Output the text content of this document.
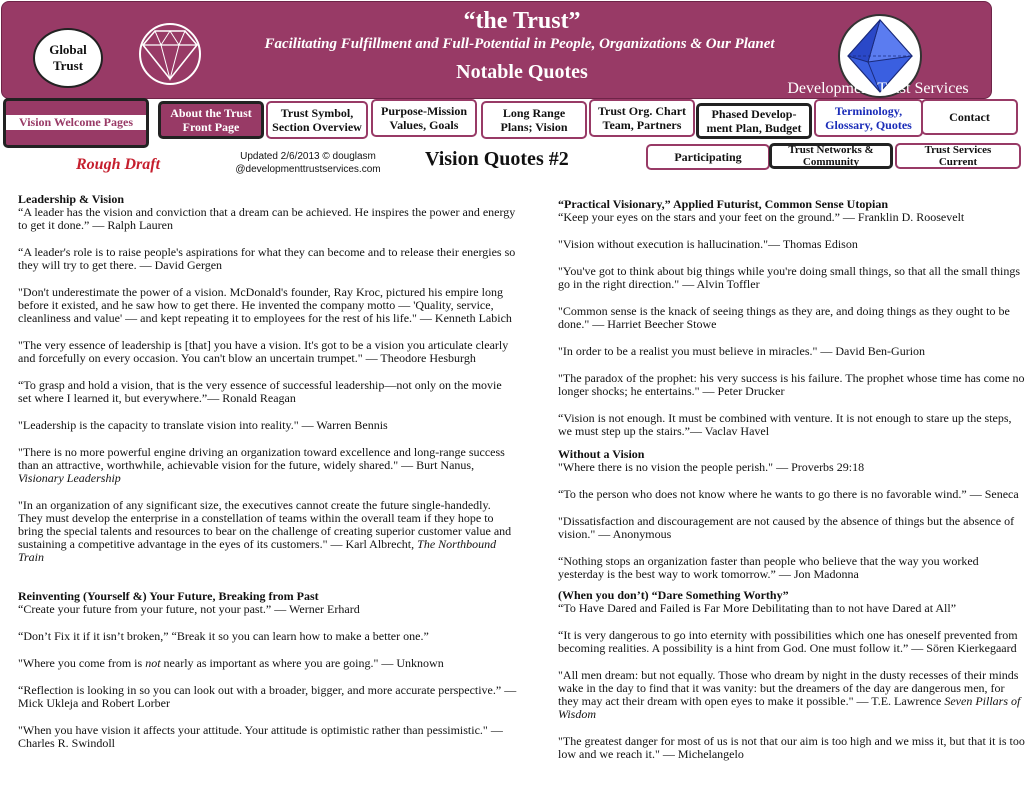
Global
Trust
“the Trust”
Facilitating Fulfillment and Full-Potential in People, Organizations & Our Planet
Notable Quotes
Development Trust Services

Vision Welcome Pages

About the Trust
Front Page
Trust Symbol,
Section Overview
Purpose-Mission
Values, Goals
Long Range
Plans; Vision
Trust Org. Chart
Team, Partners
Phased Develop-
ment Plan, Budget
Terminology,
Glossary, Quotes
Contact
Participating	Trust Networks &
Community
Trust Services
Current
Rough Draft	Updated 2/6/2013 © douglasm
@developmenttrustservices.com	Vision Quotes #2

Leadership & Vision

“A leader has the vision and conviction that a dream can be achieved. He inspires the power and energy to get it done.” — Ralph Lauren

“A leader's role is to raise people's aspirations for what they can become and to release their energies so they will try to get there. — David Gergen

"Don't underestimate the power of a vision. McDonald's founder, Ray Kroc, pictured his empire long before it existed, and he saw how to get there. He invented the company motto — 'Quality, service, cleanliness and value' — and kept repeating it to employees for the rest of his life." — Kenneth Labich

"The very essence of leadership is [that] you have a vision. It's got to be a vision you articulate clearly and forcefully on every occasion. You can't blow an uncertain trumpet." — Theodore Hesburgh

“To grasp and hold a vision, that is the very essence of successful leadership—not only on the movie set where I learned it, but everywhere.”— Ronald Reagan

"Leadership is the capacity to translate vision into reality." — Warren Bennis

"There is no more powerful engine driving an organization toward excellence and long-range success than an attractive, worthwhile, achievable vision for the future, widely shared." — Burt Nanus, Visionary Leadership

"In an organization of any significant size, the executives cannot create the future single-handedly. They must develop the enterprise in a constellation of teams within the overall team if they hope to bring the special talents and resources to bear on the challenge of creating superior customer value and sustaining a competitive advantage in the eyes of its customers." — Karl Albrecht, The Northbound Train

Reinventing (Yourself &) Your Future, Breaking from Past

“Create your future from your future, not your past.” — Werner Erhard

“Don’t Fix it if it isn’t broken,” “Break it so you can learn how to make a better one.”

"Where you come from is not nearly as important as where you are going." — Unknown

“Reflection is looking in so you can look out with a broader, bigger, and more accurate perspective.” — Mick Ukleja and Robert Lorber

"When you have vision it affects your attitude. Your attitude is optimistic rather than pessimistic." — Charles R. Swindoll

“Practical Visionary,” Applied Futurist, Common Sense Utopian

“Keep your eyes on the stars and your feet on the ground.” — Franklin D. Roosevelt

"Vision without execution is hallucination."— Thomas Edison

"You've got to think about big things while you're doing small things, so that all the small things go in the right direction." — Alvin Toffler

"Common sense is the knack of seeing things as they are, and doing things as they ought to be done." — Harriet Beecher Stowe

"In order to be a realist you must believe in miracles." — David Ben-Gurion

"The paradox of the prophet: his very success is his failure. The prophet whose time has come no longer shocks; he entertains." — Peter Drucker

“Vision is not enough. It must be combined with venture. It is not enough to stare up the steps, we must step up the stairs.”— Vaclav Havel

Without a Vision

"Where there is no vision the people perish." — Proverbs 29:18

“To the person who does not know where he wants to go there is no favorable wind.” — Seneca

"Dissatisfaction and discouragement are not caused by the absence of things but the absence of vision." — Anonymous

“Nothing stops an organization faster than people who believe that the way you worked yesterday is the best way to work tomorrow.” — Jon Madonna

(When you don’t) “Dare Something Worthy”

“To Have Dared and Failed is Far More Debilitating than to not have Dared at All”

“It is very dangerous to go into eternity with possibilities which one has oneself prevented from becoming realities. A possibility is a hint from God. One must follow it.” — Sören Kierkegaard

"All men dream: but not equally. Those who dream by night in the dusty recesses of their minds wake in the day to find that it was vanity: but the dreamers of the day are dangerous men, for they may act their dream with open eyes to make it possible." — T.E. Lawrence Seven Pillars of Wisdom

"The greatest danger for most of us is not that our aim is too high and we miss it, but that it is too low and we reach it." — Michelangelo
